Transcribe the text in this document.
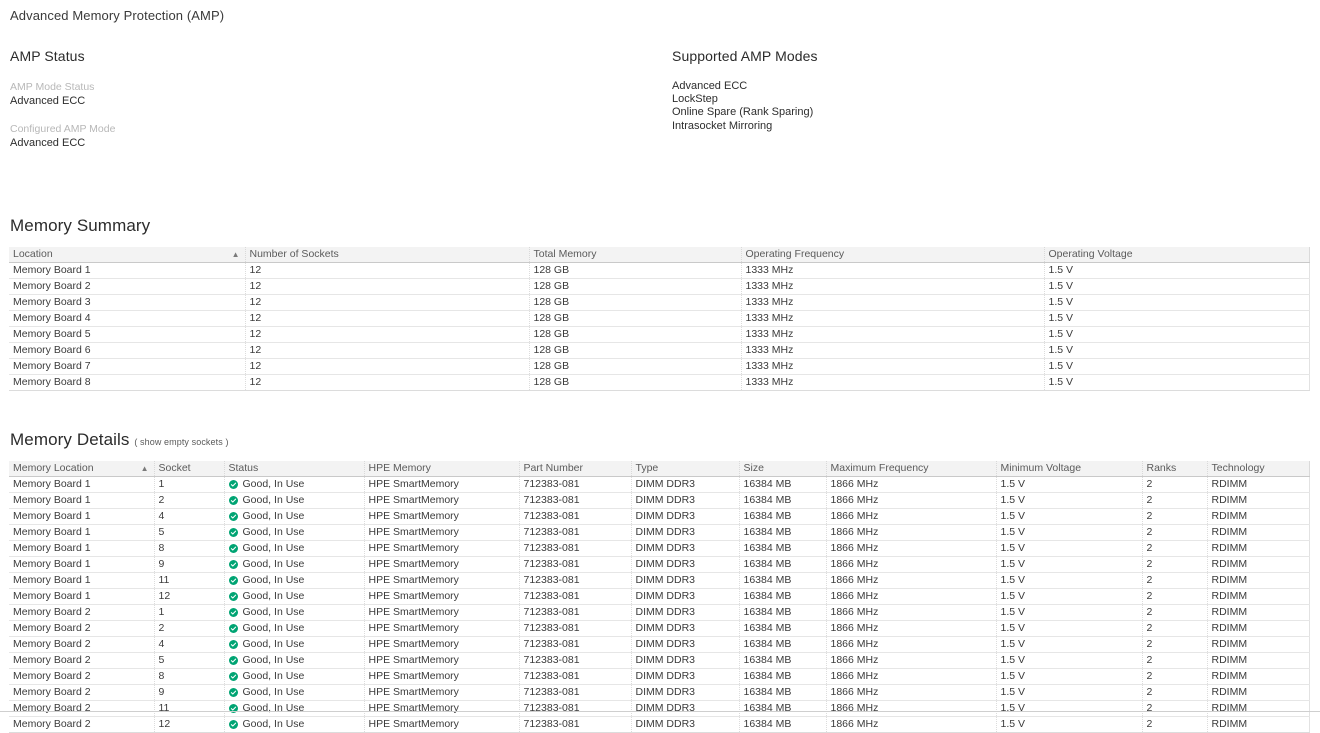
Advanced Memory Protection (AMP)
AMP Status
AMP Mode Status
Advanced ECC
Configured AMP Mode
Advanced ECC
Supported AMP Modes
Advanced ECC
LockStep
Online Spare (Rank Sparing)
Intrasocket Mirroring
Memory Summary
Location ▲	Number of Sockets	Total Memory	Operating Frequency	Operating Voltage
Memory Board 1	12	128 GB	1333 MHz	1.5 V
Memory Board 2	12	128 GB	1333 MHz	1.5 V
Memory Board 3	12	128 GB	1333 MHz	1.5 V
Memory Board 4	12	128 GB	1333 MHz	1.5 V
Memory Board 5	12	128 GB	1333 MHz	1.5 V
Memory Board 6	12	128 GB	1333 MHz	1.5 V
Memory Board 7	12	128 GB	1333 MHz	1.5 V
Memory Board 8	12	128 GB	1333 MHz	1.5 V
Memory Details ( show empty sockets )
Memory Location ▲	Socket	Status	HPE Memory	Part Number	Type	Size	Maximum Frequency	Minimum Voltage	Ranks	Technology
Memory Board 1	1	Good, In Use	HPE SmartMemory	712383-081	DIMM DDR3	16384 MB	1866 MHz	1.5 V	2	RDIMM
Memory Board 1	2	Good, In Use	HPE SmartMemory	712383-081	DIMM DDR3	16384 MB	1866 MHz	1.5 V	2	RDIMM
Memory Board 1	4	Good, In Use	HPE SmartMemory	712383-081	DIMM DDR3	16384 MB	1866 MHz	1.5 V	2	RDIMM
Memory Board 1	5	Good, In Use	HPE SmartMemory	712383-081	DIMM DDR3	16384 MB	1866 MHz	1.5 V	2	RDIMM
Memory Board 1	8	Good, In Use	HPE SmartMemory	712383-081	DIMM DDR3	16384 MB	1866 MHz	1.5 V	2	RDIMM
Memory Board 1	9	Good, In Use	HPE SmartMemory	712383-081	DIMM DDR3	16384 MB	1866 MHz	1.5 V	2	RDIMM
Memory Board 1	11	Good, In Use	HPE SmartMemory	712383-081	DIMM DDR3	16384 MB	1866 MHz	1.5 V	2	RDIMM
Memory Board 1	12	Good, In Use	HPE SmartMemory	712383-081	DIMM DDR3	16384 MB	1866 MHz	1.5 V	2	RDIMM
Memory Board 2	1	Good, In Use	HPE SmartMemory	712383-081	DIMM DDR3	16384 MB	1866 MHz	1.5 V	2	RDIMM
Memory Board 2	2	Good, In Use	HPE SmartMemory	712383-081	DIMM DDR3	16384 MB	1866 MHz	1.5 V	2	RDIMM
Memory Board 2	4	Good, In Use	HPE SmartMemory	712383-081	DIMM DDR3	16384 MB	1866 MHz	1.5 V	2	RDIMM
Memory Board 2	5	Good, In Use	HPE SmartMemory	712383-081	DIMM DDR3	16384 MB	1866 MHz	1.5 V	2	RDIMM
Memory Board 2	8	Good, In Use	HPE SmartMemory	712383-081	DIMM DDR3	16384 MB	1866 MHz	1.5 V	2	RDIMM
Memory Board 2	9	Good, In Use	HPE SmartMemory	712383-081	DIMM DDR3	16384 MB	1866 MHz	1.5 V	2	RDIMM
Memory Board 2	11	Good, In Use	HPE SmartMemory	712383-081	DIMM DDR3	16384 MB	1866 MHz	1.5 V	2	RDIMM
Memory Board 2	12	Good, In Use	HPE SmartMemory	712383-081	DIMM DDR3	16384 MB	1866 MHz	1.5 V	2	RDIMM
